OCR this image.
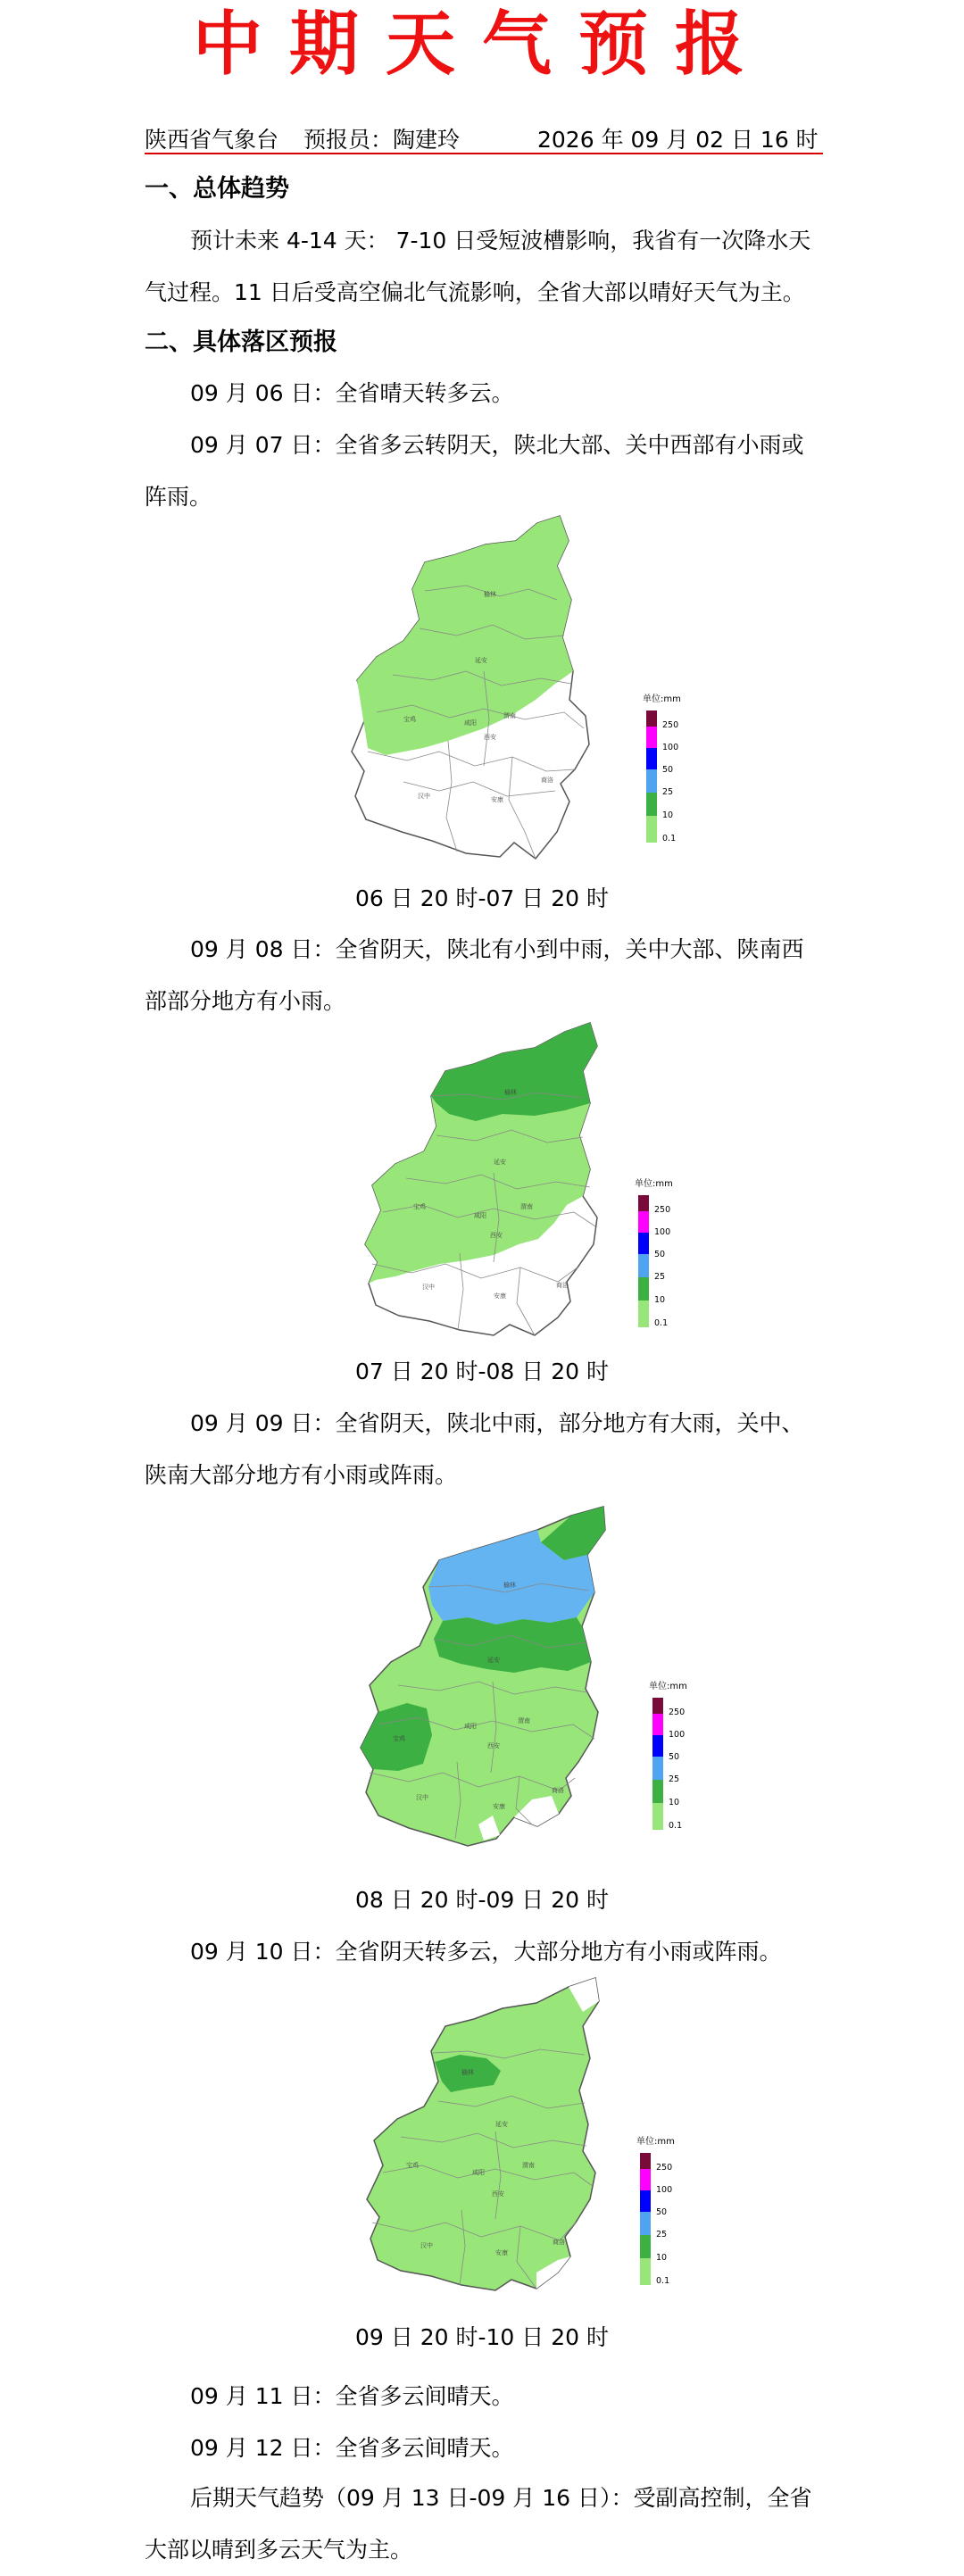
中期天气预报
陕西省气象台 预报员：陶建玲	2026 年 09 月 02 日 16 时
一、总体趋势
预计未来 4-14 天： 7-10 日受短波槽影响，我省有一次降水天气过程。11 日后受高空偏北气流影响，全省大部以晴好天气为主。
二、具体落区预报
09 月 06 日：全省晴天转多云。
09 月 07 日：全省多云转阴天，陕北大部、关中西部有小雨或阵雨。
榆林
延安
宝鸡	咸阳
渭南
西安
汉中	安康
商洛
单位:mm
250
100
50
25
10
0.1
06 日 20 时-07 日 20 时
09 月 08 日：全省阴天，陕北有小到中雨，关中大部、陕南西部部分地方有小雨。
榆林
延安
宝鸡
咸阳
渭南
西安
汉中
安康
商洛
单位:mm
250
100
50
25
10
0.1
07 日 20 时-08 日 20 时
09 月 09 日：全省阴天，陕北中雨，部分地方有大雨，关中、陕南大部分地方有小雨或阵雨。
榆林
延安
宝鸡
咸阳
渭南
西安
汉中
安康
商洛
单位:mm
250
100
50
25
10
0.1
08 日 20 时-09 日 20 时
09 月 10 日：全省阴天转多云，大部分地方有小雨或阵雨。
榆林
延安
宝鸡
咸阳
渭南
西安
汉中
安康
商洛
单位:mm
250
100
50
25
10
0.1
09 日 20 时-10 日 20 时
09 月 11 日：全省多云间晴天。
09 月 12 日：全省多云间晴天。
后期天气趋势（09 月 13 日-09 月 16 日）：受副高控制，全省大部以晴到多云天气为主。
